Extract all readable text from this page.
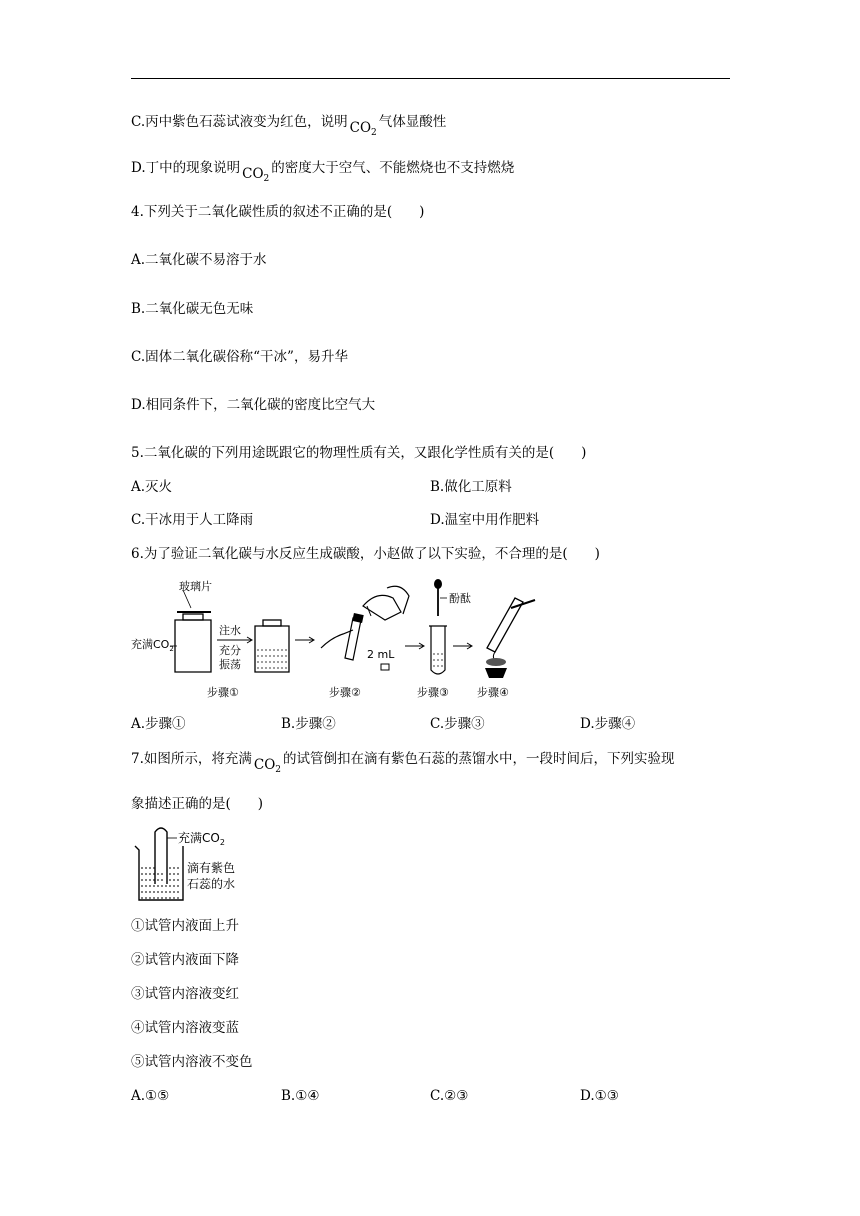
C.丙中紫色石蕊试液变为红色，说明 $CO_2$气体显酸性
D.丁中的现象说明 $CO_2$的密度大于空气、不能燃烧也不支持燃烧
4.下列关于二氧化碳性质的叙述不正确的是(　　)
A.二氧化碳不易溶于水
B.二氧化碳无色无味
C.固体二氧化碳俗称“干冰”，易升华
D.相同条件下，二氧化碳的密度比空气大
5.二氧化碳的下列用途既跟它的物理性质有关，又跟化学性质有关的是(　　)
A.灭火	B.做化工原料
C.干冰用于人工降雨	D.温室中用作肥料
6.为了验证二氧化碳与水反应生成碳酸，小赵做了以下实验，不合理的是(　　)
玻璃片
充满$CO_2$
注水
充分
振荡
2 mL
酚酞
步骤①	步骤②	步骤③	步骤④
A.步骤①	B.步骤②	C.步骤③	D.步骤④
7.如图所示，将充满 $CO_2$的试管倒扣在滴有紫色石蕊的蒸馏水中，一段时间后，下列实验现
象描述正确的是(　　)
充满$CO_2$
滴有紫色
石蕊的水
①试管内液面上升
②试管内液面下降
③试管内溶液变红
④试管内溶液变蓝
⑤试管内溶液不变色
A.①⑤	B.①④	C.②③	D.①③
